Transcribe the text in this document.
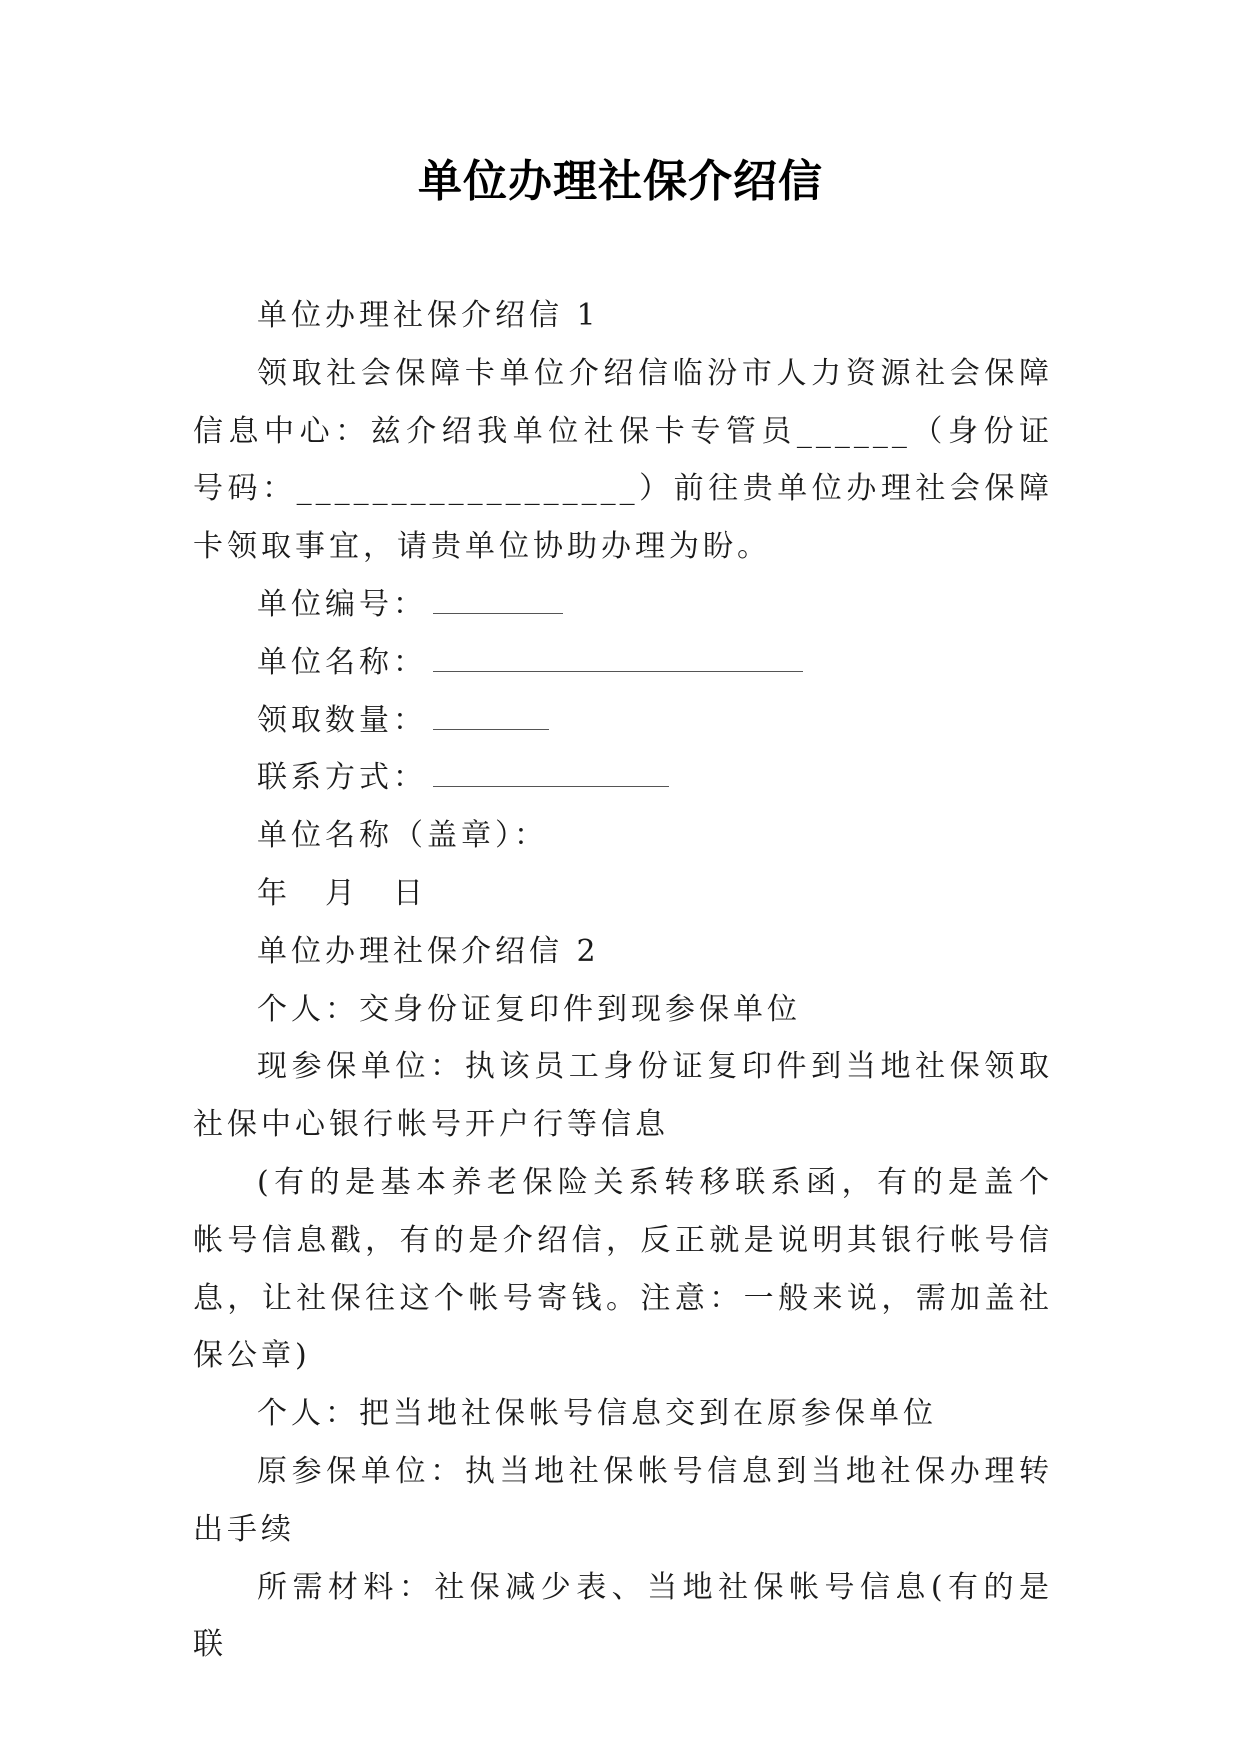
单位办理社保介绍信

单位办理社保介绍信 1

领取社会保障卡单位介绍信临汾市人力资源社会保障信息中心：兹介绍我单位社保卡专管员______（身份证号码：__________________）前往贵单位办理社会保障卡领取事宜，请贵单位协助办理为盼。

单位编号：

单位名称：

领取数量：

联系方式：

单位名称（盖章）：

年　月　日

单位办理社保介绍信 2

个人：交身份证复印件到现参保单位

现参保单位：执该员工身份证复印件到当地社保领取社保中心银行帐号开户行等信息

(有的是基本养老保险关系转移联系函，有的是盖个帐号信息戳，有的是介绍信，反正就是说明其银行帐号信息，让社保往这个帐号寄钱。注意：一般来说，需加盖社保公章)

个人：把当地社保帐号信息交到在原参保单位

原参保单位：执当地社保帐号信息到当地社保办理转出手续

所需材料：社保减少表、当地社保帐号信息(有的是联
